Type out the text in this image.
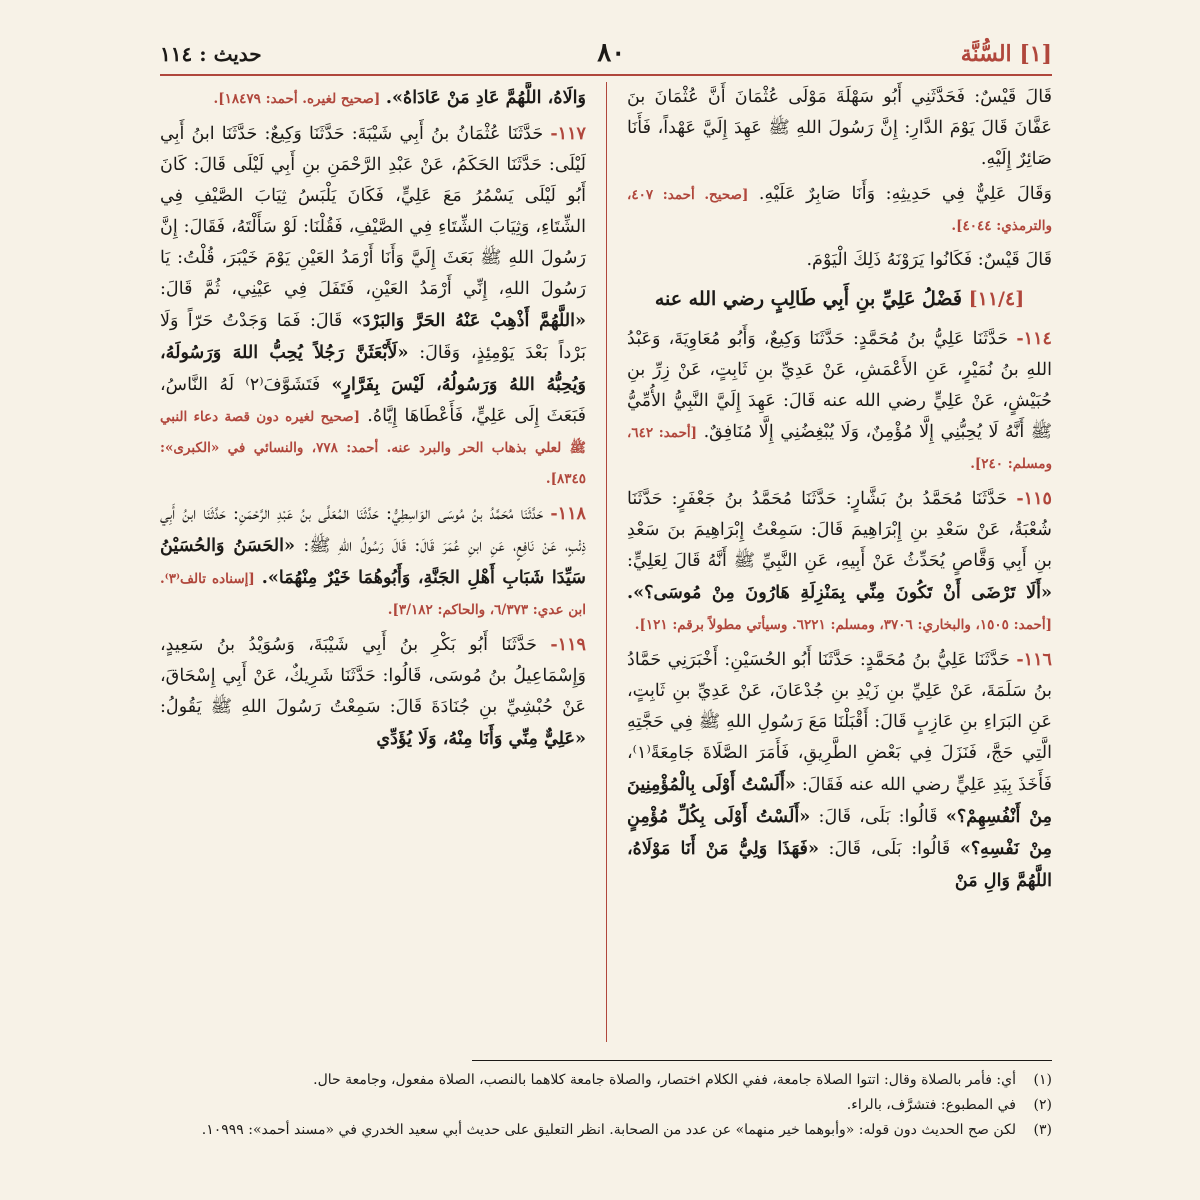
[١] السُّنَّة
٨٠
حديث : ١١٤

قَالَ قَيْسٌ: فَحَدَّثَنِي أَبُو سَهْلَةَ مَوْلَى عُثْمَانَ أَنَّ عُثْمَانَ بنَ عَفَّانَ قَالَ يَوْمَ الدَّارِ: إِنَّ رَسُولَ اللهِ ﷺ عَهِدَ إِلَيَّ عَهْداً، فَأَنَا صَائِرٌ إِلَيْهِ.

وَقَالَ عَلِيٌّ فِي حَدِيثِهِ: وَأَنَا صَابِرٌ عَلَيْهِ. [صحيح. أحمد: ٤٠٧، والترمذي: ٤٠٤٤].

قَالَ قَيْسٌ: فَكَانُوا يَرَوْنَهُ ذَلِكَ الْيَوْمَ.

[١١/٤] فَضْلُ عَلِيِّ بنِ أَبِي طَالِبٍ رضي الله عنه

١١٤- حَدَّثَنَا عَلِيُّ بنُ مُحَمَّدٍ: حَدَّثَنَا وَكِيعٌ، وَأَبُو مُعَاوِيَةَ، وَعَبْدُ اللهِ بنُ نُمَيْرٍ، عَنِ الأَعْمَشِ، عَنْ عَدِيِّ بنِ ثَابِتٍ، عَنْ زِرِّ بنِ حُبَيْشٍ، عَنْ عَلِيٍّ رضي الله عنه قَالَ: عَهِدَ إِلَيَّ النَّبِيُّ الأُمِّيُّ ﷺ أَنَّهُ لَا يُحِبُّنِي إِلَّا مُؤْمِنٌ، وَلَا يُبْغِضُنِي إِلَّا مُنَافِقٌ. [أحمد: ٦٤٢، ومسلم: ٢٤٠].

١١٥- حَدَّثَنَا مُحَمَّدُ بنُ بَشَّارٍ: حَدَّثَنَا مُحَمَّدُ بنُ جَعْفَرٍ: حَدَّثَنَا شُعْبَةُ، عَنْ سَعْدِ بنِ إِبْرَاهِيمَ قَالَ: سَمِعْتُ إِبْرَاهِيمَ بنَ سَعْدِ بنِ أَبِي وَقَّاصٍ يُحَدِّثُ عَنْ أَبِيهِ، عَنِ النَّبِيِّ ﷺ أَنَّهُ قَالَ لِعَلِيٍّ: «أَلَا تَرْضَى أَنْ تَكُونَ مِنِّي بِمَنْزِلَةِ هَارُونَ مِنْ مُوسَى؟». [أحمد: ١٥٠٥، والبخاري: ٣٧٠٦، ومسلم: ٦٢٢١. وسيأتي مطولاً برقم: ١٢١].

١١٦- حَدَّثَنَا عَلِيُّ بنُ مُحَمَّدٍ: حَدَّثَنَا أَبُو الحُسَيْنِ: أَخْبَرَنِي حَمَّادُ بنُ سَلَمَةَ، عَنْ عَلِيِّ بنِ زَيْدِ بنِ جُدْعَانَ، عَنْ عَدِيِّ بنِ ثَابِتٍ، عَنِ البَرَاءِ بنِ عَازِبٍ قَالَ: أَقْبَلْنَا مَعَ رَسُولِ اللهِ ﷺ فِي حَجَّتِهِ الَّتِي حَجَّ، فَنَزَلَ فِي بَعْضِ الطَّرِيقِ، فَأَمَرَ الصَّلَاةَ جَامِعَةً⁽١⁾، فَأَخَذَ بِيَدِ عَلِيٍّ رضي الله عنه فَقَالَ: «أَلَسْتُ أَوْلَى بِالْمُؤْمِنِينَ مِنْ أَنْفُسِهِمْ؟» قَالُوا: بَلَى، قَالَ: «أَلَسْتُ أَوْلَى بِكُلِّ مُؤْمِنٍ مِنْ نَفْسِهِ؟» قَالُوا: بَلَى، قَالَ: «فَهَذَا وَلِيُّ مَنْ أَنَا مَوْلَاهُ، اللَّهُمَّ وَالِ مَنْ

وَالَاهُ، اللَّهُمَّ عَادِ مَنْ عَادَاهُ». [صحيح لغيره. أحمد: ١٨٤٧٩].

١١٧- حَدَّثَنَا عُثْمَانُ بنُ أَبِي شَيْبَةَ: حَدَّثَنَا وَكِيعٌ: حَدَّثَنَا ابنُ أَبِي لَيْلَى: حَدَّثَنَا الحَكَمُ، عَنْ عَبْدِ الرَّحْمَنِ بنِ أَبِي لَيْلَى قَالَ: كَانَ أَبُو لَيْلَى يَسْمُرُ مَعَ عَلِيٍّ، فَكَانَ يَلْبَسُ ثِيَابَ الصَّيْفِ فِي الشِّتَاءِ، وَثِيَابَ الشِّتَاءِ فِي الصَّيْفِ، فَقُلْنَا: لَوْ سَأَلْتَهُ، فَقَالَ: إِنَّ رَسُولَ اللهِ ﷺ بَعَثَ إِلَيَّ وَأَنَا أَرْمَدُ العَيْنِ يَوْمَ خَيْبَرَ، قُلْتُ: يَا رَسُولَ اللهِ، إِنِّي أَرْمَدُ العَيْنِ، فَتَفَلَ فِي عَيْنِي، ثُمَّ قَالَ: «اللَّهُمَّ أَذْهِبْ عَنْهُ الحَرَّ وَالبَرْدَ» قَالَ: فَمَا وَجَدْتُ حَرّاً وَلَا بَرْداً بَعْدَ يَوْمِئِذٍ، وَقَالَ: «لَأَبْعَثَنَّ رَجُلاً يُحِبُّ اللهَ وَرَسُولَهُ، وَيُحِبُّهُ اللهُ وَرَسُولُهُ، لَيْسَ بِفَرَّارٍ» فَتَشَوَّفَ⁽٢⁾ لَهُ النَّاسُ، فَبَعَثَ إِلَى عَلِيٍّ، فَأَعْطَاهَا إِيَّاهُ. [صحيح لغيره دون قصة دعاء النبي ﷺ لعلي بذهاب الحر والبرد عنه. أحمد: ٧٧٨، والنسائي في «الكبرى»: ٨٣٤٥].

١١٨- حَدَّثَنَا مُحَمَّدُ بنُ مُوسَى الوَاسِطِيُّ: حَدَّثَنَا المُعَلَّى بنُ عَبْدِ الرَّحْمَنِ: حَدَّثَنَا ابنُ أَبِي ذِئْبٍ، عَنْ نَافِعٍ، عَنِ ابنِ عُمَرَ قَالَ: قَالَ رَسُولُ اللهِ ﷺ: «الحَسَنُ وَالحُسَيْنُ سَيِّدَا شَبَابِ أَهْلِ الجَنَّةِ، وَأَبُوهُمَا خَيْرٌ مِنْهُمَا». [إسناده تالف⁽٣⁾. ابن عدي: ٦/٣٧٣، والحاكم: ٣/١٨٢].

١١٩- حَدَّثَنَا أَبُو بَكْرِ بنُ أَبِي شَيْبَةَ، وَسُوَيْدُ بنُ سَعِيدٍ، وَإِسْمَاعِيلُ بنُ مُوسَى، قَالُوا: حَدَّثَنَا شَرِيكٌ، عَنْ أَبِي إِسْحَاقَ، عَنْ حُبْشِيِّ بنِ جُنَادَةَ قَالَ: سَمِعْتُ رَسُولَ اللهِ ﷺ يَقُولُ: «عَلِيٌّ مِنِّي وَأَنَا مِنْهُ، وَلَا يُؤَدِّي

(١)
أي: فأمر بالصلاة وقال: اتتوا الصلاة جامعة، ففي الكلام اختصار، والصلاة جامعة كلاهما بالنصب، الصلاة مفعول، وجامعة حال.
(٢)
في المطبوع: فتشرَّف، بالراء.
(٣)
لكن صح الحديث دون قوله: «وأبوهما خير منهما» عن عدد من الصحابة. انظر التعليق على حديث أبي سعيد الخدري في «مسند أحمد»: ١٠٩٩٩.
